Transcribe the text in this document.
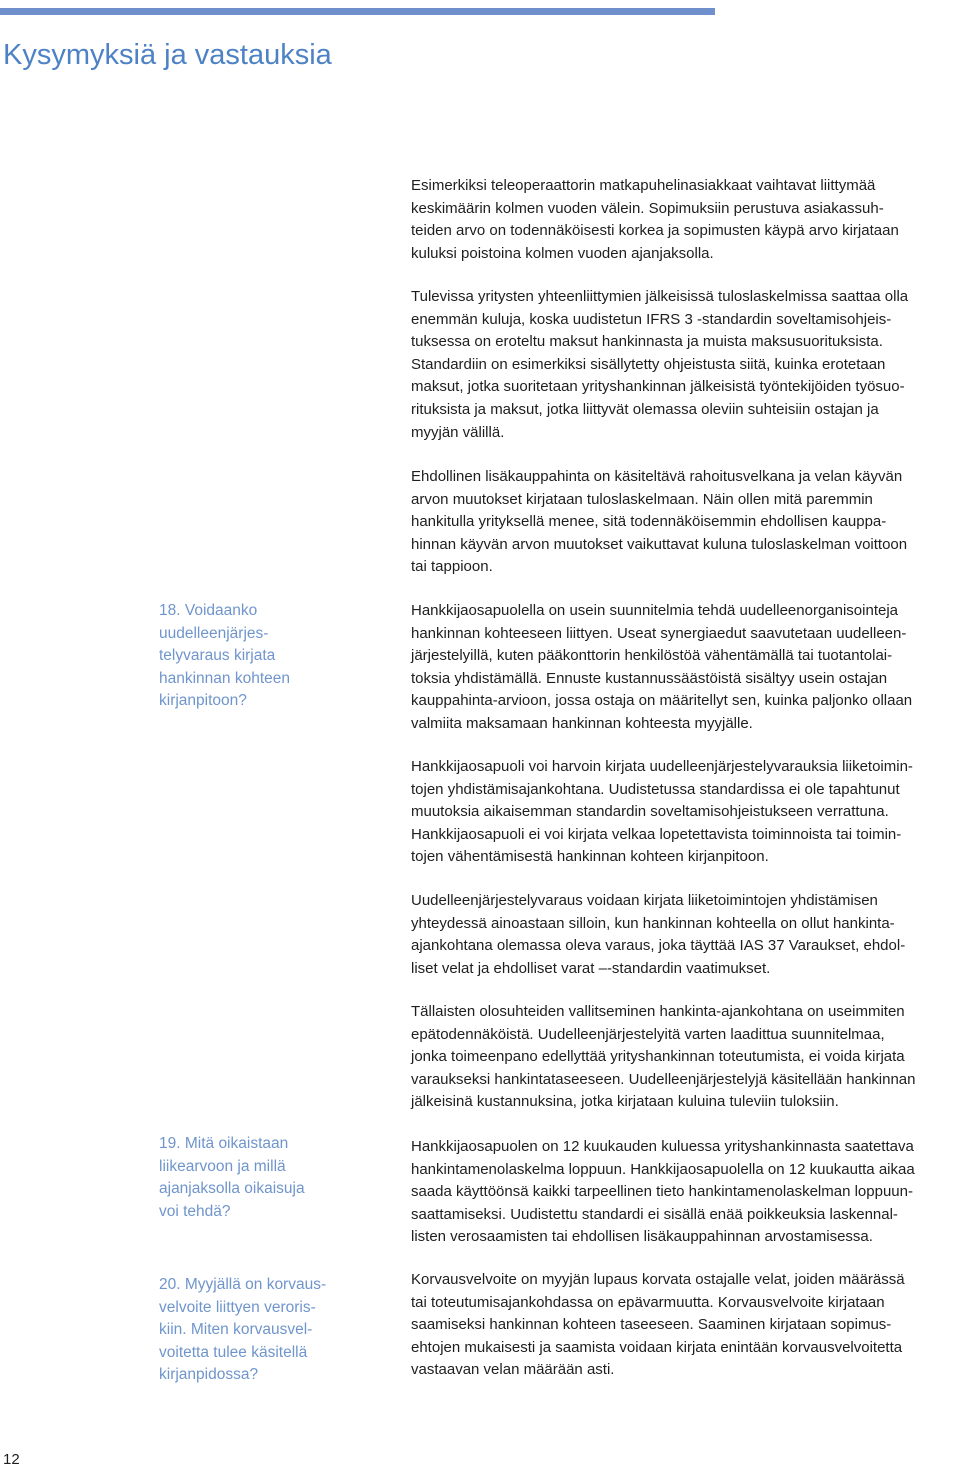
Kysymyksiä ja vastauksia

Esimerkiksi teleoperaattorin matkapuhelinasiakkaat vaihtavat liittymää
keskimäärin kolmen vuoden välein. Sopimuksiin perustuva asiakassuh-
teiden arvo on todennäköisesti korkea ja sopimusten käypä arvo kirjataan
kuluksi poistoina kolmen vuoden ajanjaksolla.

Tulevissa yritysten yhteenliittymien jälkeisissä tuloslaskelmissa saattaa olla
enemmän kuluja, koska uudistetun IFRS 3 -standardin soveltamisohjeis-
tuksessa on eroteltu maksut hankinnasta ja muista maksusuorituksista.
Standardiin on esimerkiksi sisällytetty ohjeistusta siitä, kuinka erotetaan
maksut, jotka suoritetaan yrityshankinnan jälkeisistä työntekijöiden työsuo-
rituksista ja maksut, jotka liittyvät olemassa oleviin suhteisiin ostajan ja
myyjän välillä.

Ehdollinen lisäkauppahinta on käsiteltävä rahoitusvelkana ja velan käyvän
arvon muutokset kirjataan tuloslaskelmaan. Näin ollen mitä paremmin
hankitulla yrityksellä menee, sitä todennäköisemmin ehdollisen kauppa-
hinnan käyvän arvon muutokset vaikuttavat kuluna tuloslaskelman voittoon
tai tappioon.

Hankkijaosapuolella on usein suunnitelmia tehdä uudelleenorganisointeja
hankinnan kohteeseen liittyen. Useat synergiaedut saavutetaan uudelleen-
järjestelyillä, kuten pääkonttorin henkilöstöä vähentämällä tai tuotantolai-
toksia yhdistämällä. Ennuste kustannussäästöistä sisältyy usein ostajan
kauppahinta-arvioon, jossa ostaja on määritellyt sen, kuinka paljonko ollaan
valmiita maksamaan hankinnan kohteesta myyjälle.

Hankkijaosapuoli voi harvoin kirjata uudelleenjärjestelyvarauksia liiketoimin-
tojen yhdistämisajankohtana. Uudistetussa standardissa ei ole tapahtunut
muutoksia aikaisemman standardin soveltamisohjeistukseen verrattuna.
Hankkijaosapuoli ei voi kirjata velkaa lopetettavista toiminnoista tai toimin-
tojen vähentämisestä hankinnan kohteen kirjanpitoon.

Uudelleenjärjestelyvaraus voidaan kirjata liiketoimintojen yhdistämisen
yhteydessä ainoastaan silloin, kun hankinnan kohteella on ollut hankinta-
ajankohtana olemassa oleva varaus, joka täyttää IAS 37 Varaukset, ehdol-
liset velat ja ehdolliset varat –-standardin vaatimukset.

Tällaisten olosuhteiden vallitseminen hankinta-ajankohtana on useimmiten
epätodennäköistä. Uudelleenjärjestelyitä varten laadittua suunnitelmaa,
jonka toimeenpano edellyttää yrityshankinnan toteutumista, ei voida kirjata
varaukseksi hankintataseeseen. Uudelleenjärjestelyjä käsitellään hankinnan
jälkeisinä kustannuksina, jotka kirjataan kuluina tuleviin tuloksiin.

Hankkijaosapuolen on 12 kuukauden kuluessa yrityshankinnasta saatettava
hankintamenolaskelma loppuun. Hankkijaosapuolella on 12 kuukautta aikaa
saada käyttöönsä kaikki tarpeellinen tieto hankintamenolaskelman loppuun-
saattamiseksi. Uudistettu standardi ei sisällä enää poikkeuksia laskennal-
listen verosaamisten tai ehdollisen lisäkauppahinnan arvostamisessa.

Korvausvelvoite on myyjän lupaus korvata ostajalle velat, joiden määrässä
tai toteutumisajankohdassa on epävarmuutta. Korvausvelvoite kirjataan
saamiseksi hankinnan kohteen taseeseen. Saaminen kirjataan sopimus-
ehtojen mukaisesti ja saamista voidaan kirjata enintään korvausvelvoitetta
vastaavan velan määrään asti.

18. Voidaanko
uudelleenjärjes-
telyvaraus kirjata
hankinnan kohteen
kirjanpitoon?

19. Mitä oikaistaan
liikearvoon ja millä
ajanjaksolla oikaisuja
voi tehdä?

20. Myyjällä on korvaus-
velvoite liittyen veroris-
kiin. Miten korvausvel-
voitetta tulee käsitellä
kirjanpidossa?

12
